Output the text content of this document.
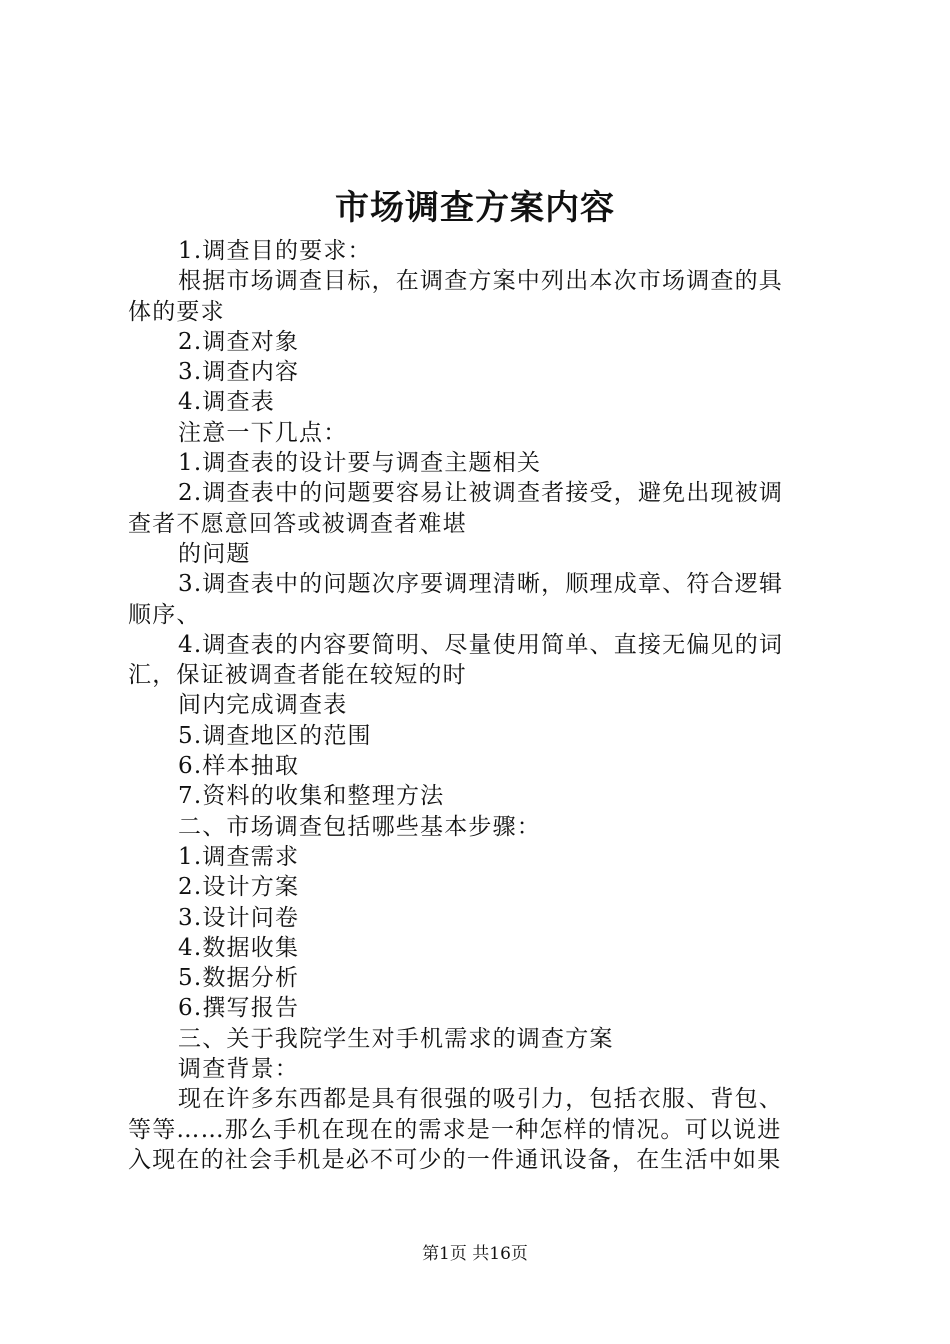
市场调查方案内容
1.调查目的要求：
根据市场调查目标，在调查方案中列出本次市场调查的具
体的要求
2.调查对象
3.调查内容
4.调查表
注意一下几点：
1.调查表的设计要与调查主题相关
2.调查表中的问题要容易让被调查者接受，避免出现被调
查者不愿意回答或被调查者难堪
的问题
3.调查表中的问题次序要调理清晰，顺理成章、符合逻辑
顺序、
4.调查表的内容要简明、尽量使用简单、直接无偏见的词
汇，保证被调查者能在较短的时
间内完成调查表
5.调查地区的范围
6.样本抽取
7.资料的收集和整理方法
二、市场调查包括哪些基本步骤：
1.调查需求
2.设计方案
3.设计问卷
4.数据收集
5.数据分析
6.撰写报告
三、关于我院学生对手机需求的调查方案
调查背景：
现在许多东西都是具有很强的吸引力，包括衣服、背包、
等等……那么手机在现在的需求是一种怎样的情况。可以说进
入现在的社会手机是必不可少的一件通讯设备，在生活中如果
第1页 共16页
